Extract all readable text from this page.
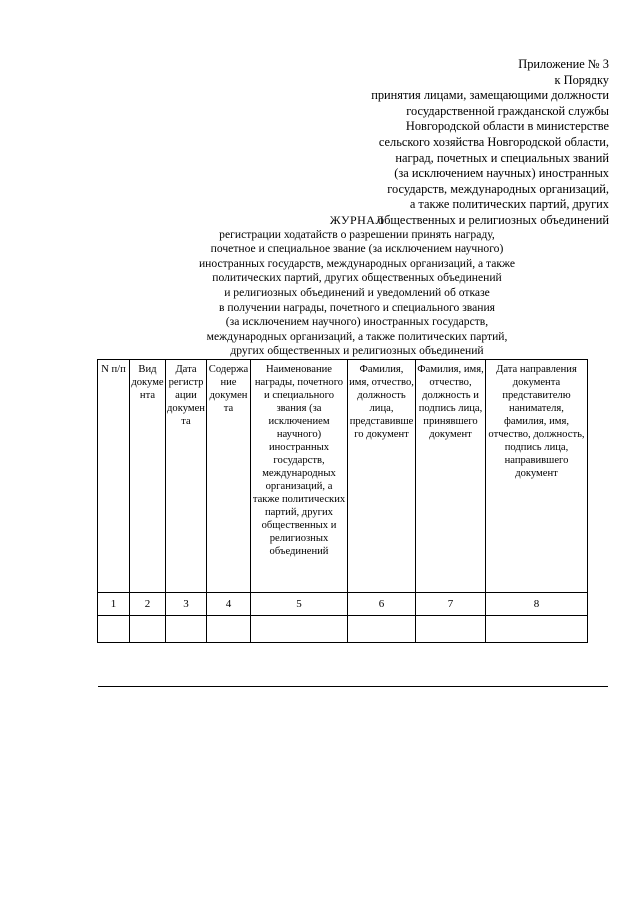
Приложение № 3
к Порядку
принятия лицами, замещающими должности
государственной гражданской службы
Новгородской области в министерстве
сельского хозяйства Новгородской области,
наград, почетных и специальных званий
(за исключением научных) иностранных
государств, международных организаций,
а также политических партий, других
общественных и религиозных объединений
ЖУРНАЛ
регистрации ходатайств о разрешении принять награду,
почетное и специальное звание (за исключением научного)
иностранных государств, международных организаций, а также
политических партий, других общественных объединений
и религиозных объединений и уведомлений об отказе
в получении награды, почетного и специального звания
(за исключением научного) иностранных государств,
международных организаций, а также политических партий,
других общественных и религиозных объединений
N п/п	Вид документа	Дата регистрации документа	Содержание документа	Наименование награды, почетного и специального звания (за исключением научного) иностранных государств, международных организаций, а также политических партий, других общественных и религиозных объединений	Фамилия, имя, отчество, должность лица, представившего документ	Фамилия, имя, отчество, должность и подпись лица, принявшего документ	Дата направления документа представителю нанимателя, фамилия, имя, отчество, должность, подпись лица, направившего документ
1	2	3	4	5	6	7	8
